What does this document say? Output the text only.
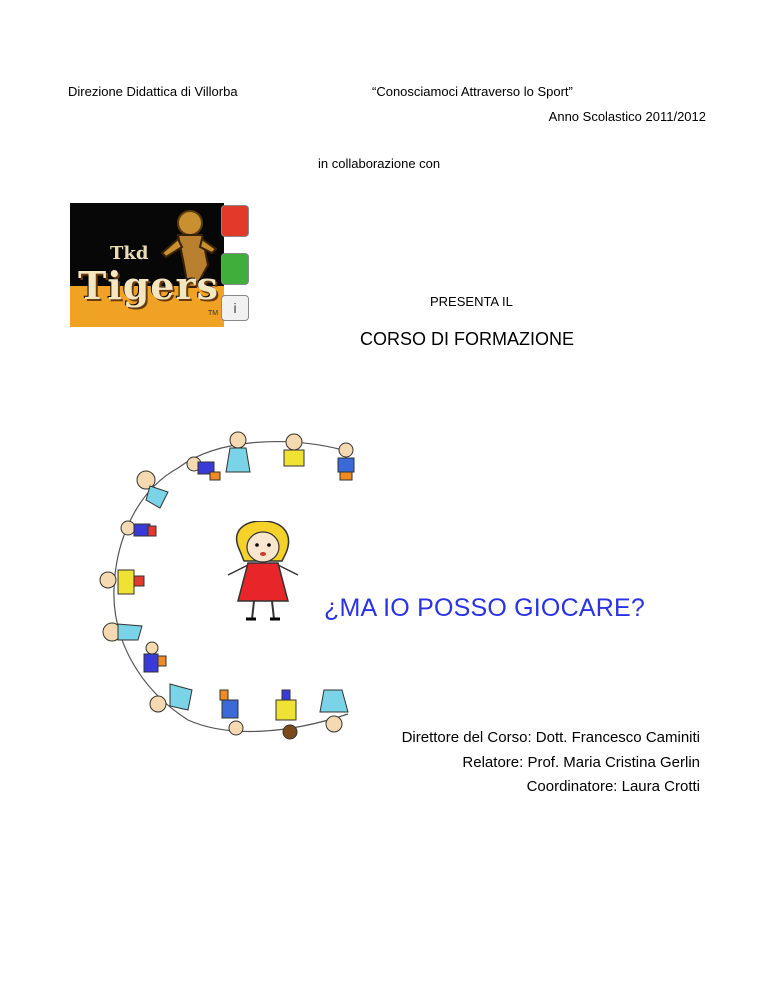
Direzione Didattica di Villorba	“Conosciamoci Attraverso lo Sport”
Anno Scolastico 2011/2012
in collaborazione con
Tkd
Tigers
TM	i	PRESENTA IL
CORSO DI FORMAZIONE
¿MA IO POSSO GIOCARE?
Direttore del Corso: Dott. Francesco Caminiti
Relatore: Prof. Maria Cristina Gerlin
Coordinatore: Laura Crotti
